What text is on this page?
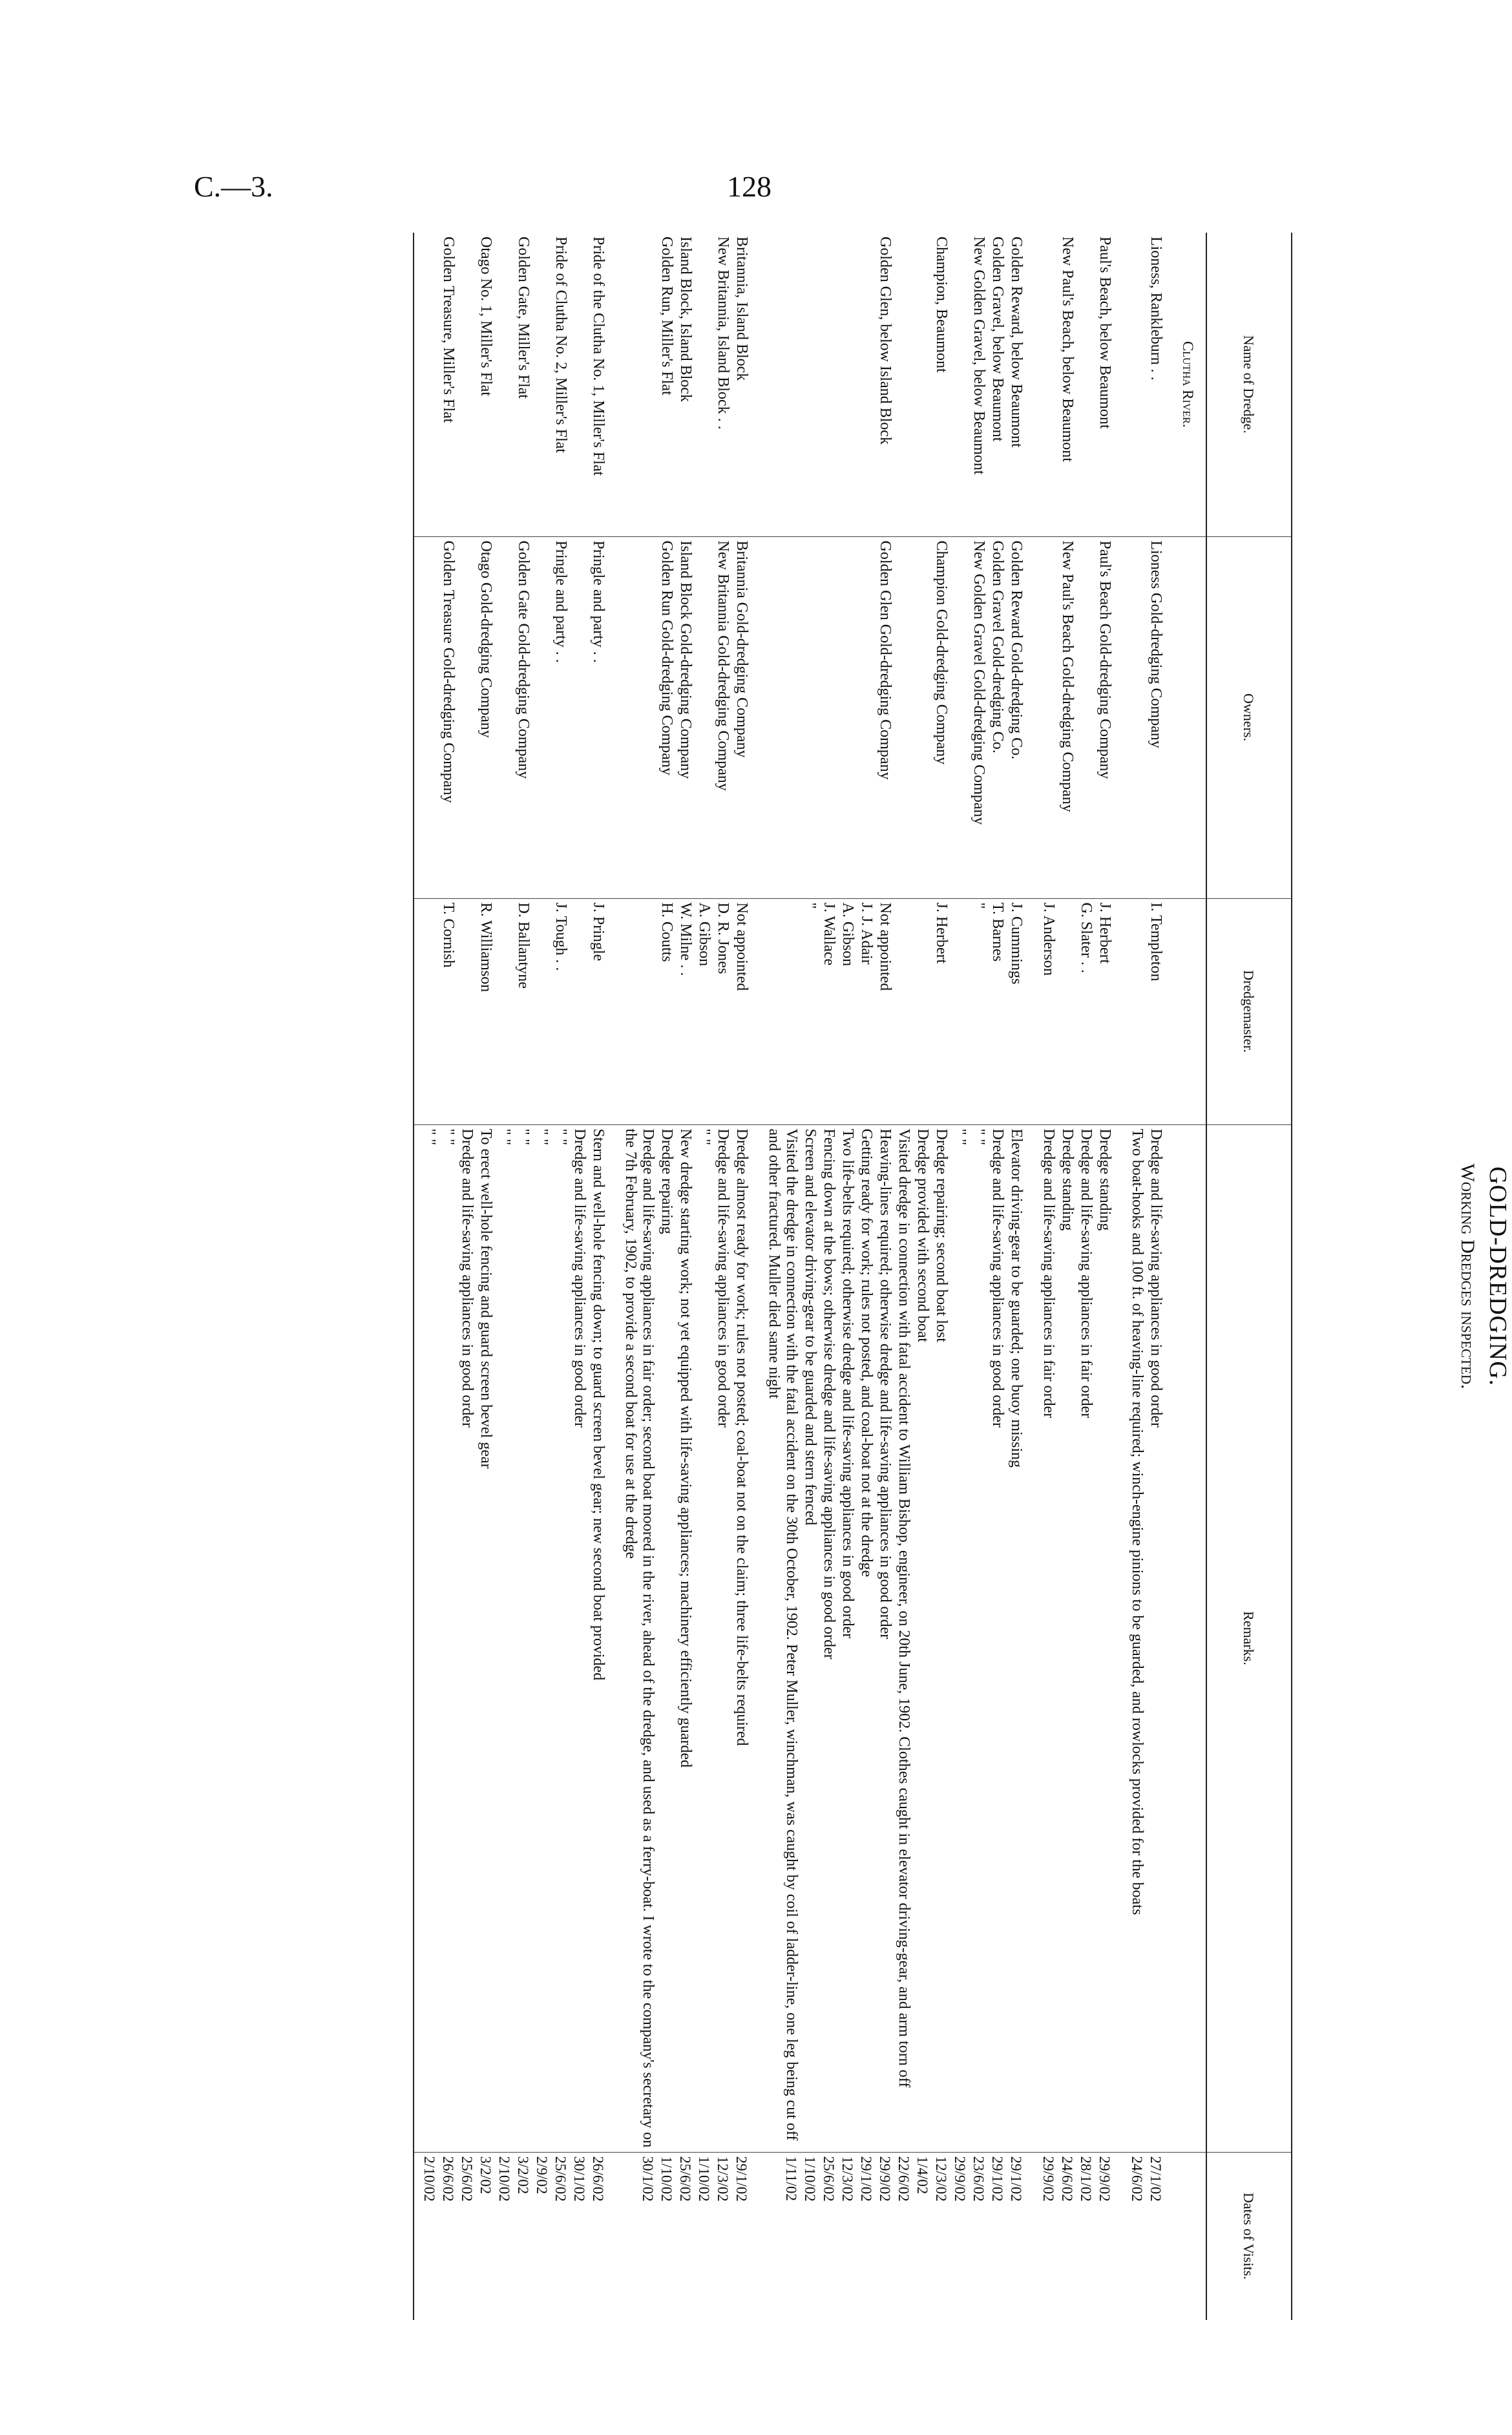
C.—3.	128
GOLD-DREDGING.
Working Dredges inspected.
Name of Dredge.	Owners.	Dredgemaster.	Remarks.	Dates of Visits.
Clutha River.				
Lioness, Rankleburn . .	Lioness Gold-dredging Company	I. Templeton	Dredge and life-saving appliances in good order	27/1/02
			Two boat-hooks and 100 ft. of heaving-line required; winch-engine pinions to be guarded, and rowlocks provided for the boats	24/6/02
Paul's Beach, below Beaumont	Paul's Beach Gold-dredging Company	J. Herbert	Dredge standing	29/9/02
		G. Slater . .	Dredge and life-saving appliances in fair order	28/1/02
New Paul's Beach, below Beaumont	New Paul's Beach Gold-dredging Company		Dredge standing	24/6/02
		J. Anderson	Dredge and life-saving appliances in fair order	29/9/02
Golden Reward, below Beaumont	Golden Reward Gold-dredging Co.	J. Cummings	Elevator driving-gear to be guarded; one buoy missing	29/1/02
Golden Gravel, below Beaumont	Golden Gravel Gold-dredging Co.	T. Barnes	Dredge and life-saving appliances in good order	29/1/02
New Golden Gravel, below Beaumont	New Golden Gravel Gold-dredging Company	"	" "	23/6/02
			" "	29/9/02
Champion, Beaumont	Champion Gold-dredging Company	J. Herbert	Dredge repairing; second boat lost	12/3/02
			Dredge provided with second boat	1/4/02
			Visited dredge in connection with fatal accident to William Bishop, engineer, on 20th June, 1902. Clothes caught in elevator driving-gear, and arm torn off	22/6/02
Golden Glen, below Island Block	Golden Glen Gold-dredging Company	Not appointed	Heaving-lines required; otherwise dredge and life-saving appliances in good order	29/9/02
		J. J. Adair	Getting ready for work; rules not posted, and coal-boat not at the dredge	29/1/02
		A. Gibson	Two life-belts required; otherwise dredge and life-saving appliances in good order	12/3/02
		J. Wallace	Fencing down at the bows; otherwise dredge and life-saving appliances in good order	25/6/02
		"	Screen and elevator driving-gear to be guarded and stern fenced	1/10/02
			Visited the dredge in connection with the fatal accident on the 30th October, 1902. Peter Muller, winchman, was caught by coil of ladder-line, one leg being cut off and other fractured. Muller died same night	1/11/02
Britannia, Island Block	Britannia Gold-dredging Company	Not appointed	Dredge almost ready for work; rules not posted; coal-boat not on the claim; three life-belts required	29/1/02
New Britannia, Island Block . .	New Britannia Gold-dredging Company	D. R. Jones	Dredge and life-saving appliances in good order	12/3/02
		A. Gibson	" "	1/10/02
Island Block, Island Block	Island Block Gold-dredging Company	W. Milne . .	New dredge starting work; not yet equipped with life-saving appliances; machinery efficiently guarded	25/6/02
Golden Run, Miller's Flat	Golden Run Gold-dredging Company	H. Coutts	Dredge repairing	1/10/02
			Dredge and life-saving appliances in fair order; second boat moored in the river, ahead of the dredge, and used as a ferry-boat. I wrote to the company's secretary on the 7th February, 1902, to provide a second boat for use at the dredge	30/1/02
Pride of the Clutha No. 1, Miller's Flat	Pringle and party . .	J. Pringle	Stern and well-hole fencing down; to guard screen bevel gear; new second boat provided	26/6/02
			Dredge and life-saving appliances in good order	30/1/02
Pride of Clutha No. 2, Miller's Flat	Pringle and party . .	J. Tough . .	" "	25/6/02
			" "	2/9/02
Golden Gate, Miller's Flat	Golden Gate Gold-dredging Company	D. Ballantyne	" "	3/2/02
			" "	2/10/02
Otago No. 1, Miller's Flat	Otago Gold-dredging Company	R. Williamson	To erect well-hole fencing and guard screen bevel gear	3/2/02
			Dredge and life-saving appliances in good order	25/6/02
Golden Treasure, Miller's Flat	Golden Treasure Gold-dredging Company	T. Cornish	" "	26/6/02
			" "	2/10/02
